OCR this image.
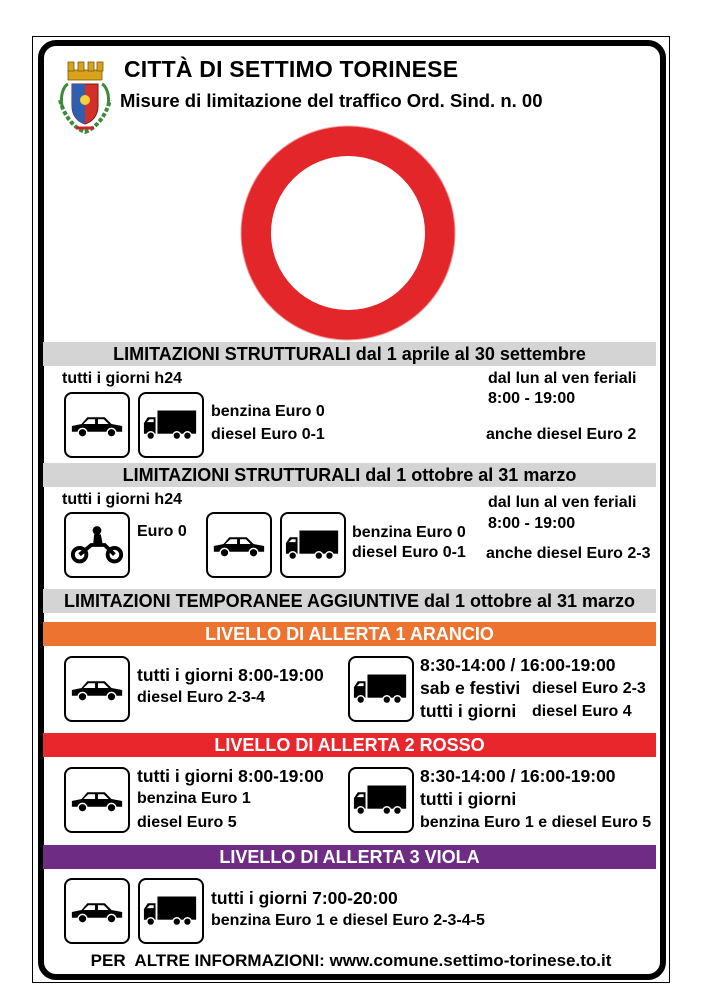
CITTÀ DI SETTIMO TORINESE
Misure di limitazione del traffico Ord. Sind. n. 00
LIMITAZIONI STRUTTURALI dal 1 aprile al 30 settembre
tutti i giorni h24	dal lun al ven feriali
8:00 - 19:00
benzina Euro 0
diesel Euro 0-1	anche diesel Euro 2
LIMITAZIONI STRUTTURALI dal 1 ottobre al 31 marzo
tutti i giorni h24	dal lun al ven feriali
8:00 - 19:00
Euro 0	benzina Euro 0
diesel Euro 0-1 anche diesel Euro 2-3
LIMITAZIONI TEMPORANEE AGGIUNTIVE dal 1 ottobre al 31 marzo
LIVELLO DI ALLERTA 1 ARANCIO
tutti i giorni 8:00-19:00
diesel Euro 2-3-4
8:30-14:00 / 16:00-19:00
sab e festivi diesel Euro 2-3
tutti i giorni diesel Euro 4
LIVELLO DI ALLERTA 2 ROSSO
tutti i giorni 8:00-19:00
benzina Euro 1
diesel Euro 5
8:30-14:00 / 16:00-19:00
tutti i giorni
benzina Euro 1 e diesel Euro 5
LIVELLO DI ALLERTA 3 VIOLA
tutti i giorni 7:00-20:00
benzina Euro 1 e diesel Euro 2-3-4-5
PER  ALTRE INFORMAZIONI: www.comune.settimo-torinese.to.it
